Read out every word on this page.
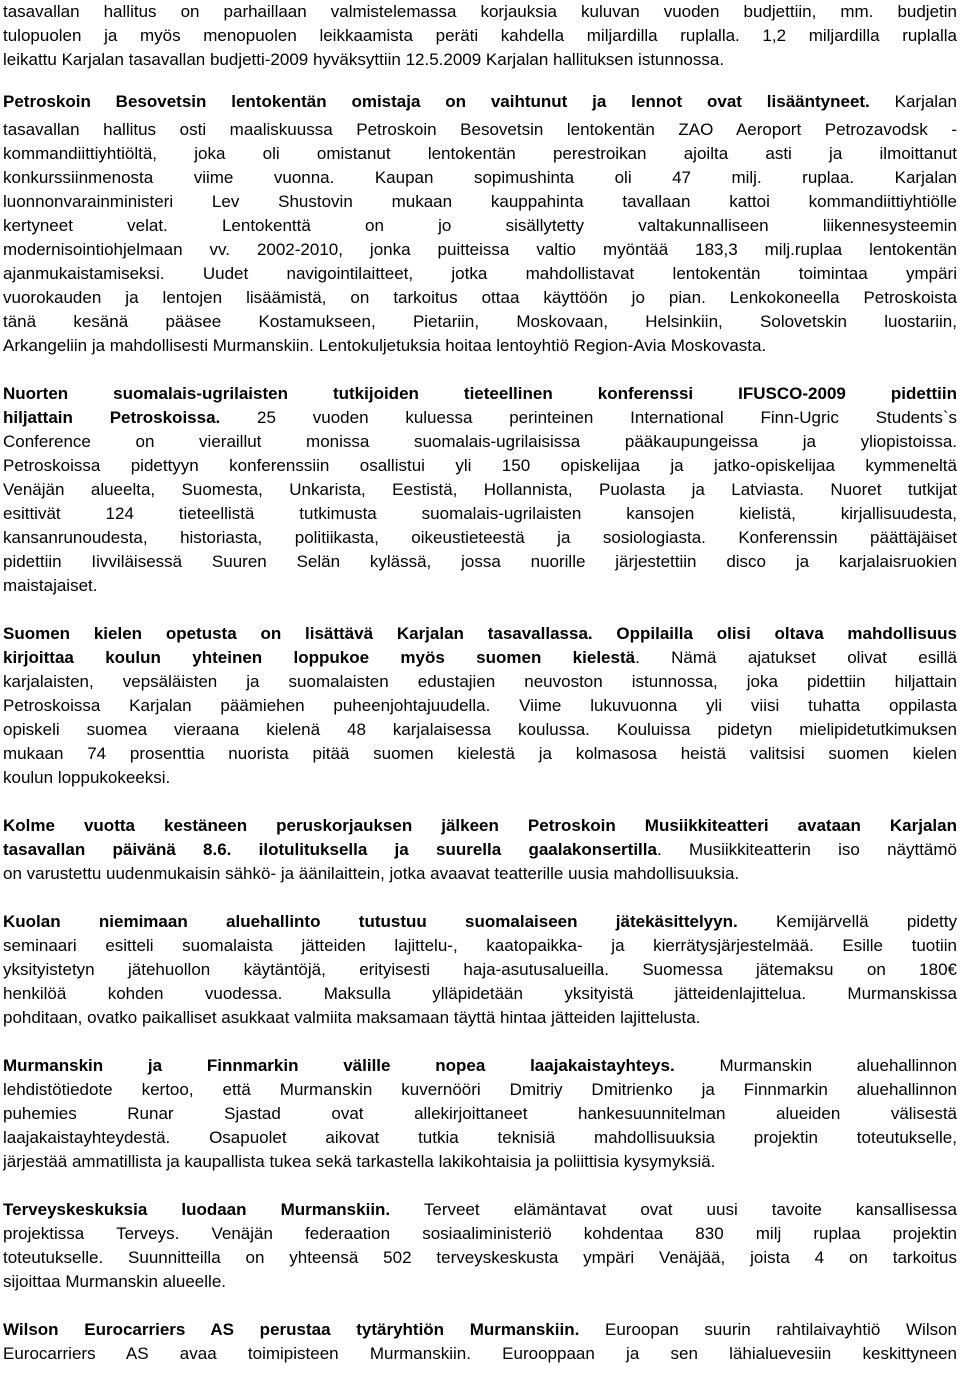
tasavallan hallitus on parhaillaan valmistelemassa korjauksia kuluvan vuoden budjettiin, mm. budjetin
tulopuolen ja myös menopuolen leikkaamista peräti kahdella miljardilla ruplalla. 1,2 miljardilla ruplalla
leikattu Karjalan tasavallan budjetti-2009 hyväksyttiin 12.5.2009 Karjalan hallituksen istunnossa.
Petroskoin Besovetsin lentokentän omistaja on vaihtunut ja lennot ovat lisääntyneet. Karjalan
tasavallan hallitus osti maaliskuussa Petroskoin Besovetsin lentokentän ZAO Aeroport Petrozavodsk -
kommandiittiyhtiöltä, joka oli omistanut lentokentän perestroikan ajoilta asti ja ilmoittanut
konkurssiinmenosta viime vuonna. Kaupan sopimushinta oli 47 milj. ruplaa. Karjalan
luonnonvarainministeri Lev Shustovin mukaan kauppahinta tavallaan kattoi kommandiittiyhtiölle
kertyneet velat. Lentokenttä on jo sisällytetty valtakunnalliseen liikennesysteemin
modernisointiohjelmaan vv. 2002-2010, jonka puitteissa valtio myöntää 183,3 milj.ruplaa lentokentän
ajanmukaistamiseksi. Uudet navigointilaitteet, jotka mahdollistavat lentokentän toimintaa ympäri
vuorokauden ja lentojen lisäämistä, on tarkoitus ottaa käyttöön jo pian. Lenkokoneella Petroskoista
tänä kesänä pääsee Kostamukseen, Pietariin, Moskovaan, Helsinkiin, Solovetskin luostariin,
Arkangeliin ja mahdollisesti Murmanskiin. Lentokuljetuksia hoitaa lentoyhtiö Region-Avia Moskovasta.
Nuorten suomalais-ugrilaisten tutkijoiden tieteellinen konferenssi IFUSCO-2009 pidettiin
hiljattain Petroskoissa. 25 vuoden kuluessa perinteinen International Finn-Ugric Students`s
Conference on vieraillut monissa suomalais-ugrilaisissa pääkaupungeissa ja yliopistoissa.
Petroskoissa pidettyyn konferenssiin osallistui yli 150 opiskelijaa ja jatko-opiskelijaa kymmeneltä
Venäjän alueelta, Suomesta, Unkarista, Eestistä, Hollannista, Puolasta ja Latviasta. Nuoret tutkijat
esittivät 124 tieteellistä tutkimusta suomalais-ugrilaisten kansojen kielistä, kirjallisuudesta,
kansanrunoudesta, historiasta, politiikasta, oikeustieteestä ja sosiologiasta. Konferenssin päättäjäiset
pidettiin Iivviläisessä Suuren Selän kylässä, jossa nuorille järjestettiin disco ja karjalaisruokien
maistajaiset.
Suomen kielen opetusta on lisättävä Karjalan tasavallassa. Oppilailla olisi oltava mahdollisuus
kirjoittaa koulun yhteinen loppukoe myös suomen kielestä. Nämä ajatukset olivat esillä
karjalaisten, vepsäläisten ja suomalaisten edustajien neuvoston istunnossa, joka pidettiin hiljattain
Petroskoissa Karjalan päämiehen puheenjohtajuudella. Viime lukuvuonna yli viisi tuhatta oppilasta
opiskeli suomea vieraana kielenä 48 karjalaisessa koulussa. Kouluissa pidetyn mielipidetutkimuksen
mukaan 74 prosenttia nuorista pitää suomen kielestä ja kolmasosa heistä valitsisi suomen kielen
koulun loppukokeeksi.
Kolme vuotta kestäneen peruskorjauksen jälkeen Petroskoin Musiikkiteatteri avataan Karjalan
tasavallan päivänä 8.6. ilotulituksella ja suurella gaalakonsertilla. Musiikkiteatterin iso näyttämö
on varustettu uudenmukaisin sähkö- ja äänilaittein, jotka avaavat teatterille uusia mahdollisuuksia.
Kuolan niemimaan aluehallinto tutustuu suomalaiseen jätekäsittelyyn. Kemijärvellä pidetty
seminaari esitteli suomalaista jätteiden lajittelu-, kaatopaikka- ja kierrätysjärjestelmää. Esille tuotiin
yksityistetyn jätehuollon käytäntöjä, erityisesti haja-asutusalueilla. Suomessa jätemaksu on 180€
henkilöä kohden vuodessa. Maksulla ylläpidetään yksityistä jätteidenlajittelua. Murmanskissa
pohditaan, ovatko paikalliset asukkaat valmiita maksamaan täyttä hintaa jätteiden lajittelusta.
Murmanskin ja Finnmarkin välille nopea laajakaistayhteys. Murmanskin aluehallinnon
lehdistötiedote kertoo, että Murmanskin kuvernööri Dmitriy Dmitrienko ja Finnmarkin aluehallinnon
puhemies Runar Sjastad ovat allekirjoittaneet hankesuunnitelman alueiden välisestä
laajakaistayhteydestä. Osapuolet aikovat tutkia teknisiä mahdollisuuksia projektin toteutukselle,
järjestää ammatillista ja kaupallista tukea sekä tarkastella lakikohtaisia ja poliittisia kysymyksiä.
Terveyskeskuksia luodaan Murmanskiin. Terveet elämäntavat ovat uusi tavoite kansallisessa
projektissa Terveys. Venäjän federaation sosiaaliministeriö kohdentaa 830 milj ruplaa projektin
toteutukselle. Suunnitteilla on yhteensä 502 terveyskeskusta ympäri Venäjää, joista 4 on tarkoitus
sijoittaa Murmanskin alueelle.
Wilson Eurocarriers AS perustaa tytäryhtiön Murmanskiin. Euroopan suurin rahtilaivayhtiö Wilson
Eurocarriers AS avaa toimipisteen Murmanskiin. Eurooppaan ja sen lähialuevesiin keskittyneen
